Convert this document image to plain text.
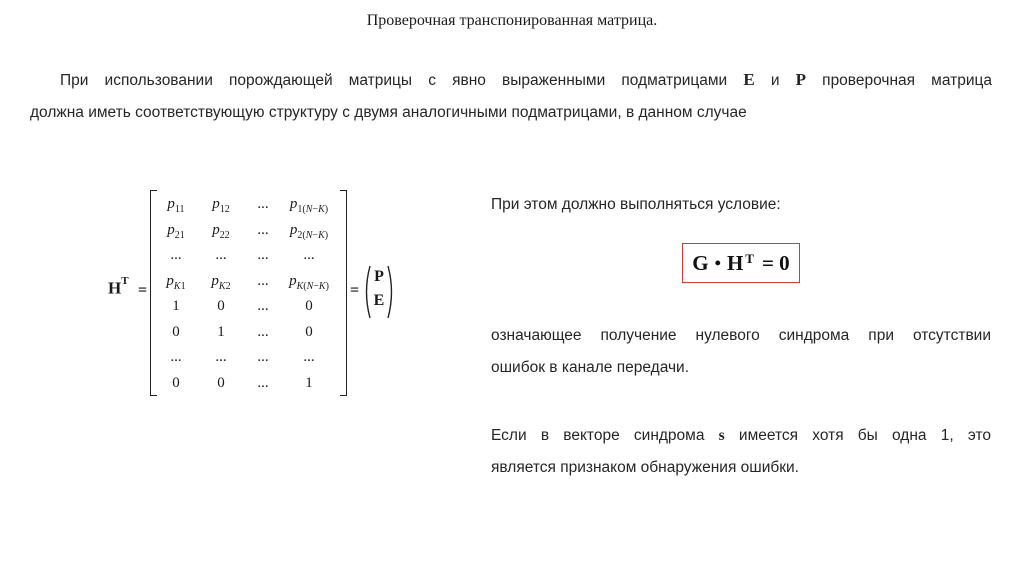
Проверочная транспонированная матрица.

При использовании порождающей матрицы с явно выраженными подматрицами E и P проверочная матрица

должна иметь соответствующую структуру с двумя аналогичными подматрицами, в данном случае

$H^T$
=
$p_{11}$	$p_{12}$	...	$p_{1(N-K)}$
$p_{21}$	$p_{22}$	...	$p_{2(N-K)}$
...	...	...	...
$p_{K1}$	$p_{K2}$	...	$p_{K(N-K)}$
1	0	...	0
0	1	...	0
...	...	...	...
0	0	...	1
=
P
E
При этом должно выполняться условие:
G • $H^T = 0$

означающее получение нулевого синдрома при отсутствии

ошибок в канале передачи.

Если в векторе синдрома s имеется хотя бы одна 1, это

является признаком обнаружения ошибки.
